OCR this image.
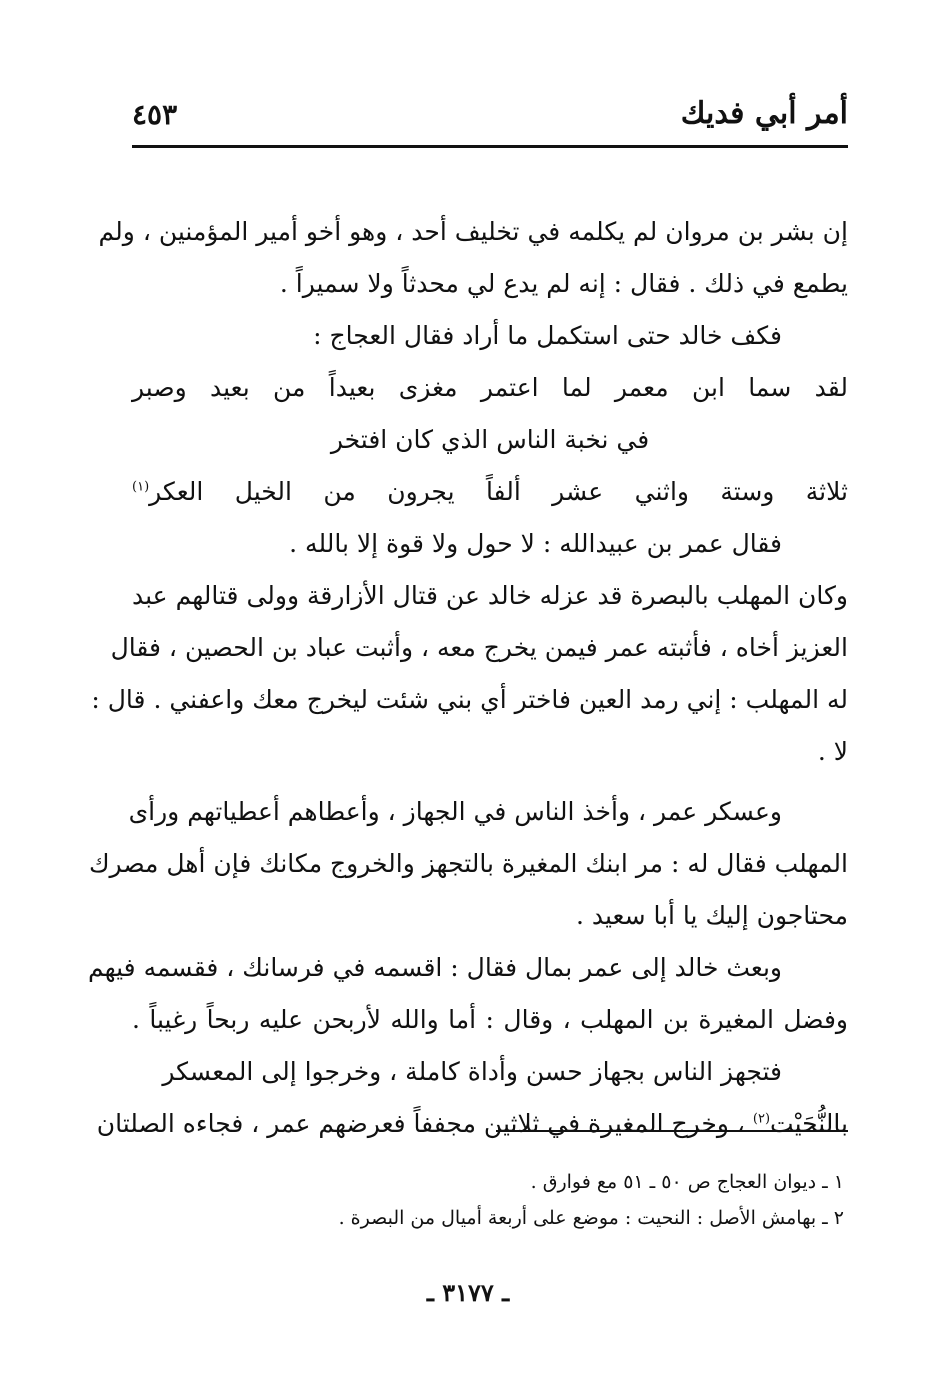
أمر أبي فديك
٤٥٣
إن بشر بن مروان لم يكلمه في تخليف أحد ، وهو أخو أمير المؤمنين ، ولم
يطمع في ذلك . فقال : إنه لم يدع لي محدثاً ولا سميراً .
فكف خالد حتى استكمل ما أراد فقال العجاج :
لقد سما ابن معمر لما اعتمر مغزى بعيداً من بعيد وصبر
في نخبة الناس الذي كان افتخر
ثلاثة وستة واثني عشر ألفاً يجرون من الخيل العكر$^{(١)}$
فقال عمر بن عبيدالله : لا حول ولا قوة إلا بالله .
وكان المهلب بالبصرة قد عزله خالد عن قتال الأزارقة وولى قتالهم عبد
العزيز أخاه ، فأثبته عمر فيمن يخرج معه ، وأثبت عباد بن الحصين ، فقال
له المهلب : إني رمد العين فاختر أي بني شئت ليخرج معك واعفني . قال :
لا .
وعسكر عمر ، وأخذ الناس في الجهاز ، وأعطاهم أعطياتهم ورأى
المهلب فقال له : مر ابنك المغيرة بالتجهز والخروج مكانك فإن أهل مصرك
محتاجون إليك يا أبا سعيد .
وبعث خالد إلى عمر بمال فقال : اقسمه في فرسانك ، فقسمه فيهم
وفضل المغيرة بن المهلب ، وقال : أما والله لأربحن عليه ربحاً رغيباً .
فتجهز الناس بجهاز حسن وأداة كاملة ، وخرجوا إلى المعسكر
بالنُّحَيْت$^{(٢)}$ ، وخرج المغيرة في ثلاثين مجففاً فعرضهم عمر ، فجاءه الصلتان
١ ـ ديوان العجاج ص ٥٠ ـ ٥١ مع فوارق .
٢ ـ بهامش الأصل : النحيت : موضع على أربعة أميال من البصرة .
ـ ٣١٧٧ ـ
